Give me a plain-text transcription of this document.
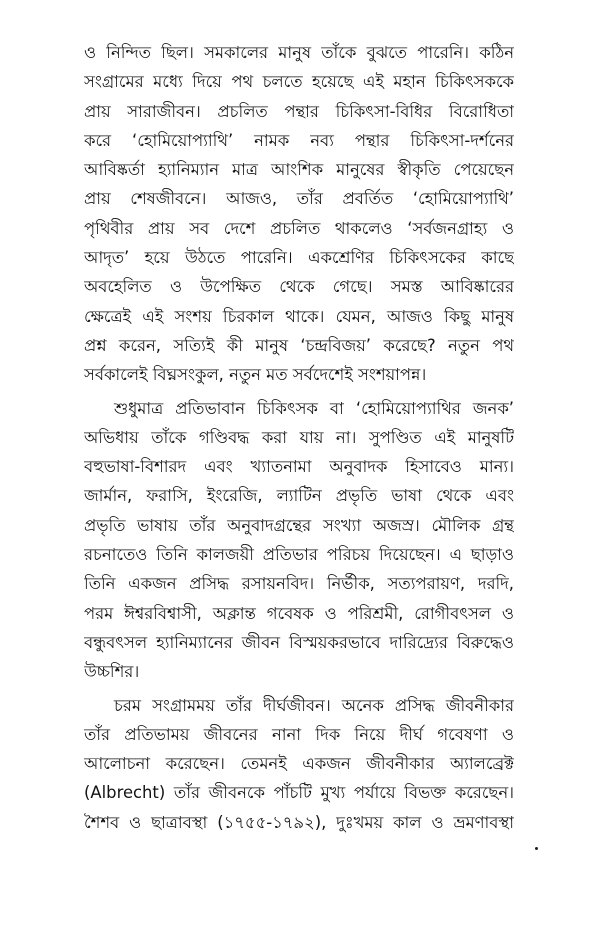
ও নিন্দিত ছিল। সমকালের মানুষ তাঁকে বুঝতে পারেনি। কঠিন
সংগ্রামের মধ্যে দিয়ে পথ চলতে হয়েছে এই মহান চিকিৎসককে
প্রায় সারাজীবন। প্রচলিত পন্থার চিকিৎসা-বিধির বিরোধিতা
করে ‘হোমিয়োপ্যাথি’ নামক নব্য পন্থার চিকিৎসা-দর্শনের
আবিষ্কর্তা হ্যানিম্যান মাত্র আংশিক মানুষের স্বীকৃতি পেয়েছেন
প্রায় শেষজীবনে। আজও, তাঁর প্রবর্তিত ‘হোমিয়োপ্যাথি’
পৃথিবীর প্রায় সব দেশে প্রচলিত থাকলেও ‘সর্বজনগ্রাহ্য ও
আদৃত’ হয়ে উঠতে পারেনি। একশ্রেণির চিকিৎসকের কাছে
অবহেলিত ও উপেক্ষিত থেকে গেছে। সমস্ত আবিষ্কারের
ক্ষেত্রেই এই সংশয় চিরকাল থাকে। যেমন, আজও কিছু মানুষ
প্রশ্ন করেন, সত্যিই কী মানুষ ‘চন্দ্রবিজয়’ করেছে? নতুন পথ
সর্বকালেই বিঘ্নসংকুল, নতুন মত সর্বদেশেই সংশয়াপন্ন।
শুধুমাত্র প্রতিভাবান চিকিৎসক বা ‘হোমিয়োপ্যাথির জনক’
অভিধায় তাঁকে গণ্ডিবদ্ধ করা যায় না। সুপণ্ডিত এই মানুষটি
বহুভাষা-বিশারদ এবং খ্যাতনামা অনুবাদক হিসাবেও মান্য।
জার্মান, ফরাসি, ইংরেজি, ল্যাটিন প্রভৃতি ভাষা থেকে এবং
প্রভৃতি ভাষায় তাঁর অনুবাদগ্রন্থের সংখ্যা অজস্র। মৌলিক গ্রন্থ
রচনাতেও তিনি কালজয়ী প্রতিভার পরিচয় দিয়েছেন। এ ছাড়াও
তিনি একজন প্রসিদ্ধ রসায়নবিদ। নির্ভীক, সত্যপরায়ণ, দরদি,
পরম ঈশ্বরবিশ্বাসী, অক্লান্ত গবেষক ও পরিশ্রমী, রোগীবৎসল ও
বন্ধুবৎসল হ্যানিম্যানের জীবন বিস্ময়করভাবে দারিদ্র্যের বিরুদ্ধেও
উচ্চশির।
চরম সংগ্রামময় তাঁর দীর্ঘজীবন। অনেক প্রসিদ্ধ জীবনীকার
তাঁর প্রতিভাময় জীবনের নানা দিক নিয়ে দীর্ঘ গবেষণা ও
আলোচনা করেছেন। তেমনই একজন জীবনীকার অ্যালব্রেক্ট
(Albrecht) তাঁর জীবনকে পাঁচটি মুখ্য পর্যায়ে বিভক্ত করেছেন।
শৈশব ও ছাত্রাবস্থা (১৭৫৫-১৭৯২), দুঃখময় কাল ও ভ্রমণাবস্থা
